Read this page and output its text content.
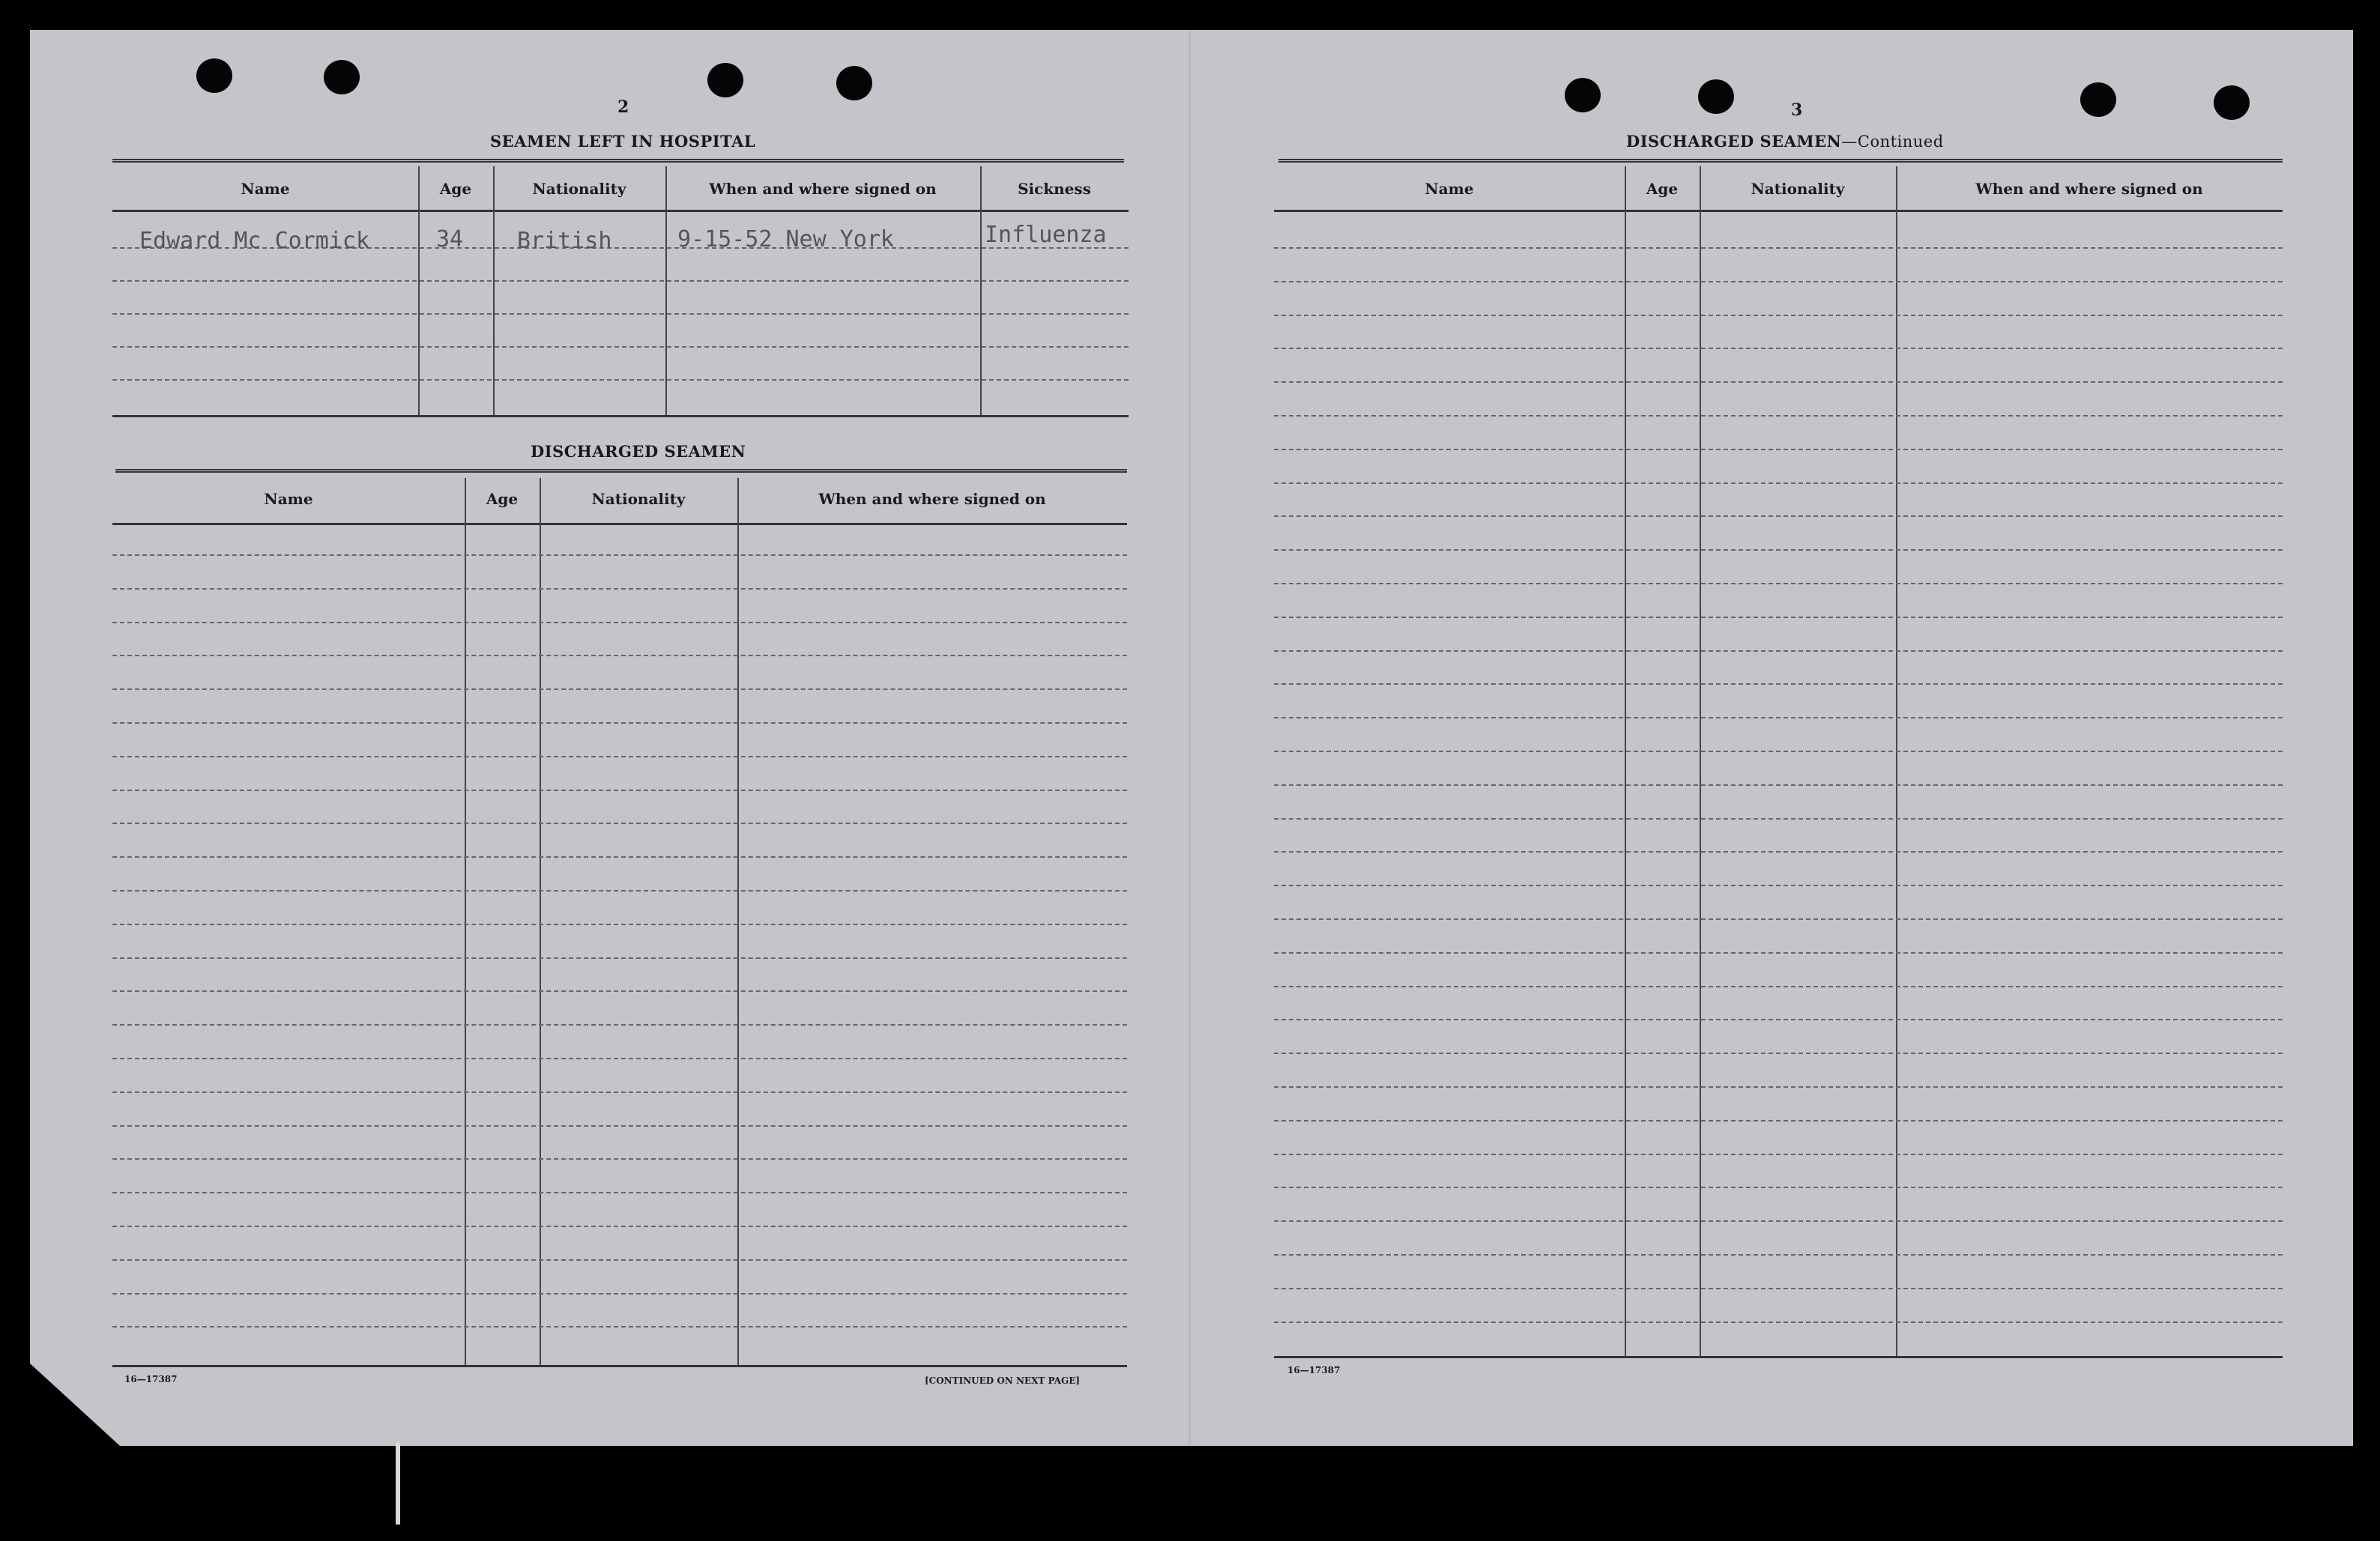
2
SEAMEN LEFT IN HOSPITAL
Name	Age	Nationality	When and where signed on	Sickness
Edward Mc Cormick	34 British	9-15-52 New York	Influenza
DISCHARGED SEAMEN
Name	Age	Nationality	When and where signed on
16—17387	[CONTINUED ON NEXT PAGE]
3
DISCHARGED SEAMEN—Continued
Name	Age	Nationality	When and where signed on
16—17387
